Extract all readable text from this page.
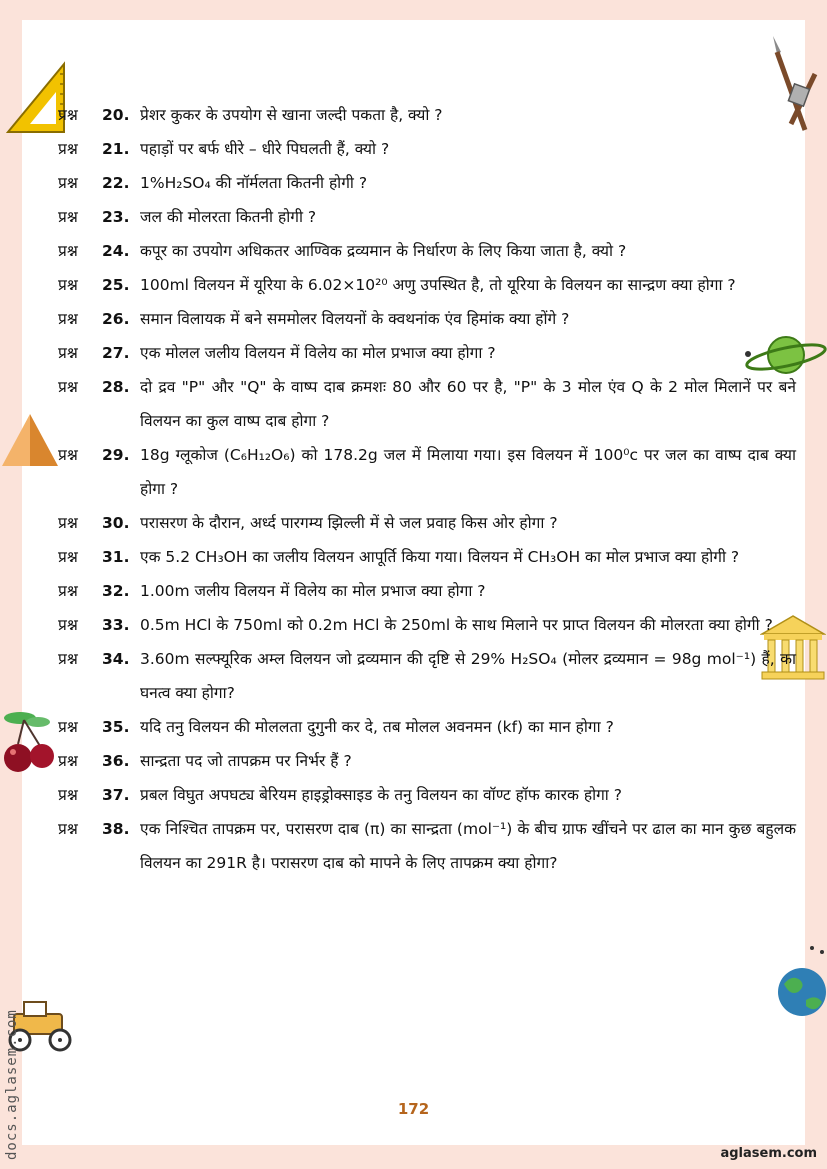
प्रश्न	20. प्रेशर कुकर के उपयोग से खाना जल्दी पकता है, क्यो ?
प्रश्न	21. पहाड़ों पर बर्फ धीरे – धीरे पिघलती हैं, क्यो ?
प्रश्न	22. 1%H₂SO₄ की नॉर्मलता कितनी होगी ?
प्रश्न	23. जल की मोलरता कितनी होगी ?
प्रश्न	24. कपूर का उपयोग अधिकतर आण्विक द्रव्यमान के निर्धारण के लिए किया जाता है, क्यो ?
प्रश्न	25. 100ml विलयन में यूरिया के 6.02×10²⁰ अणु उपस्थित है, तो यूरिया के विलयन का सान्द्रण क्या होगा ?
प्रश्न	26. समान विलायक में बने सममोलर विलयनों के क्वथनांक एंव हिमांक क्या होंगे ?
प्रश्न	27. एक मोलल जलीय विलयन में विलेय का मोल प्रभाज क्या होगा ?
प्रश्न	28. दो द्रव "P" और "Q" के वाष्प दाब क्रमशः 80 और 60 पर है, "P" के 3 मोल एंव Q के 2 मोल मिलानें पर बने विलयन का कुल वाष्प दाब होगा ?
प्रश्न	29. 18g ग्लूकोज (C₆H₁₂O₆) को 178.2g जल में मिलाया गया। इस विलयन में 100⁰c पर जल का वाष्प दाब क्या होगा ?
प्रश्न	30. परासरण के दौरान, अर्ध्द पारगम्य झिल्ली में से जल प्रवाह किस ओर होगा ?
प्रश्न	31. एक 5.2 CH₃OH का जलीय विलयन आपूर्ति किया गया। विलयन में CH₃OH का मोल प्रभाज क्या होगी ?
प्रश्न	32. 1.00m जलीय विलयन में विलेय का मोल प्रभाज क्या होगा ?
प्रश्न	33. 0.5m HCl के 750ml को 0.2m HCl के 250ml के साथ मिलाने पर प्राप्त विलयन की मोलरता क्या होगी ?
प्रश्न	34. 3.60m सल्फ्यूरिक अम्ल विलयन जो द्रव्यमान की दृष्टि से 29% H₂SO₄ (मोलर द्रव्यमान = 98g mol⁻¹) हैं, का घनत्व क्या होगा?
प्रश्न	35. यदि तनु विलयन की मोललता दुगुनी कर दे, तब मोलल अवनमन (kf) का मान होगा ?
प्रश्न	36. सान्द्रता पद जो तापक्रम पर निर्भर हैं ?
प्रश्न	37. प्रबल विघुत अपघट्य बेरियम हाइड्रोक्साइड के तनु विलयन का वॉण्ट हॉफ कारक होगा ?
प्रश्न	38. एक निश्चित तापक्रम पर, परासरण दाब (π) का सान्द्रता (mol⁻¹) के बीच ग्राफ खींचने पर ढाल का मान कुछ बहुलक विलयन का 291R है। परासरण दाब को मापने के लिए तापक्रम क्या होगा?
docs.aglasem.com	172
aglasem.com
